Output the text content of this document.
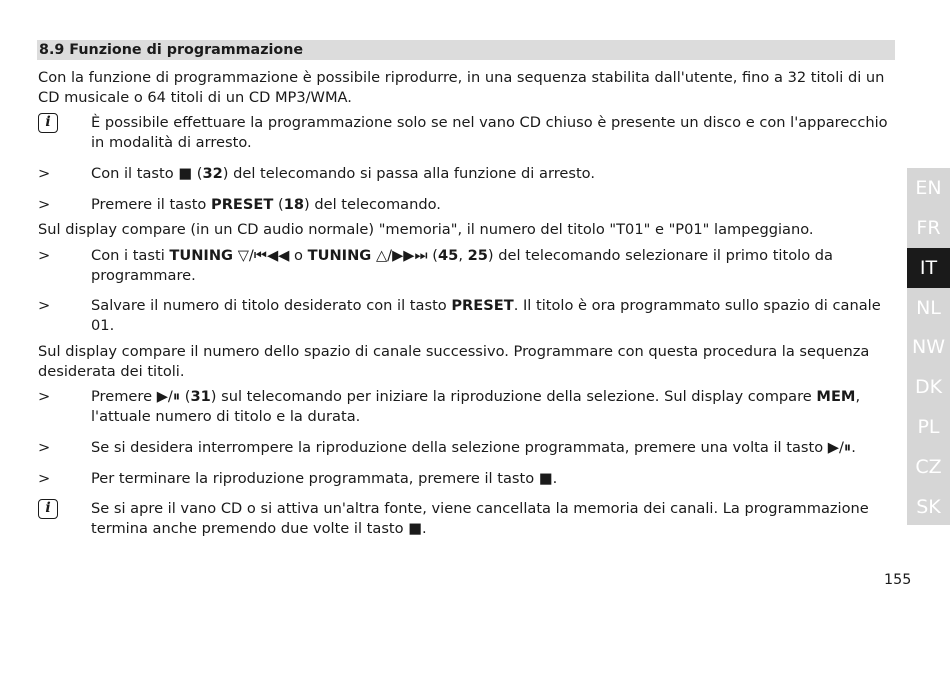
8.9 Funzione di programmazione

Con la funzione di programmazione è possibile riprodurre, in una sequenza stabilita dall'utente, fino a 32 titoli di un CD musicale o 64 titoli di un CD MP3/WMA.

i	È possibile effettuare la programmazione solo se nel vano CD chiuso è presente un disco e con l'apparecchio in modalità di arresto.
>	Con il tasto ■ (32) del telecomando si passa alla funzione di arresto.
>	Premere il tasto PRESET (18) del telecomando.

Sul display compare (in un CD audio normale) "memoria", il numero del titolo "T01" e "P01" lampeggiano.

>	Con i tasti TUNING ▽/⏮◀◀ o TUNING △/▶▶⏭ (45, 25) del telecomando selezionare il primo titolo da programmare.
>	Salvare il numero di titolo desiderato con il tasto PRESET. Il titolo è ora programmato sullo spazio di canale 01.

Sul display compare il numero dello spazio di canale successivo. Programmare con questa procedura la sequenza desiderata dei titoli.

>	Premere ▶/⏸ (31) sul telecomando per iniziare la riproduzione della selezione. Sul display compare MEM, l'attuale numero di titolo e la durata.
>	Se si desidera interrompere la riproduzione della selezione programmata, premere una volta il tasto ▶/⏸.
>	Per terminare la riproduzione programmata, premere il tasto ■.
i	Se si apre il vano CD o si attiva un'altra fonte, viene cancellata la memoria dei canali. La programmazione termina anche premendo due volte il tasto ■.
EN
FR
IT
NL
NW
DK
PL
CZ
SK
155
